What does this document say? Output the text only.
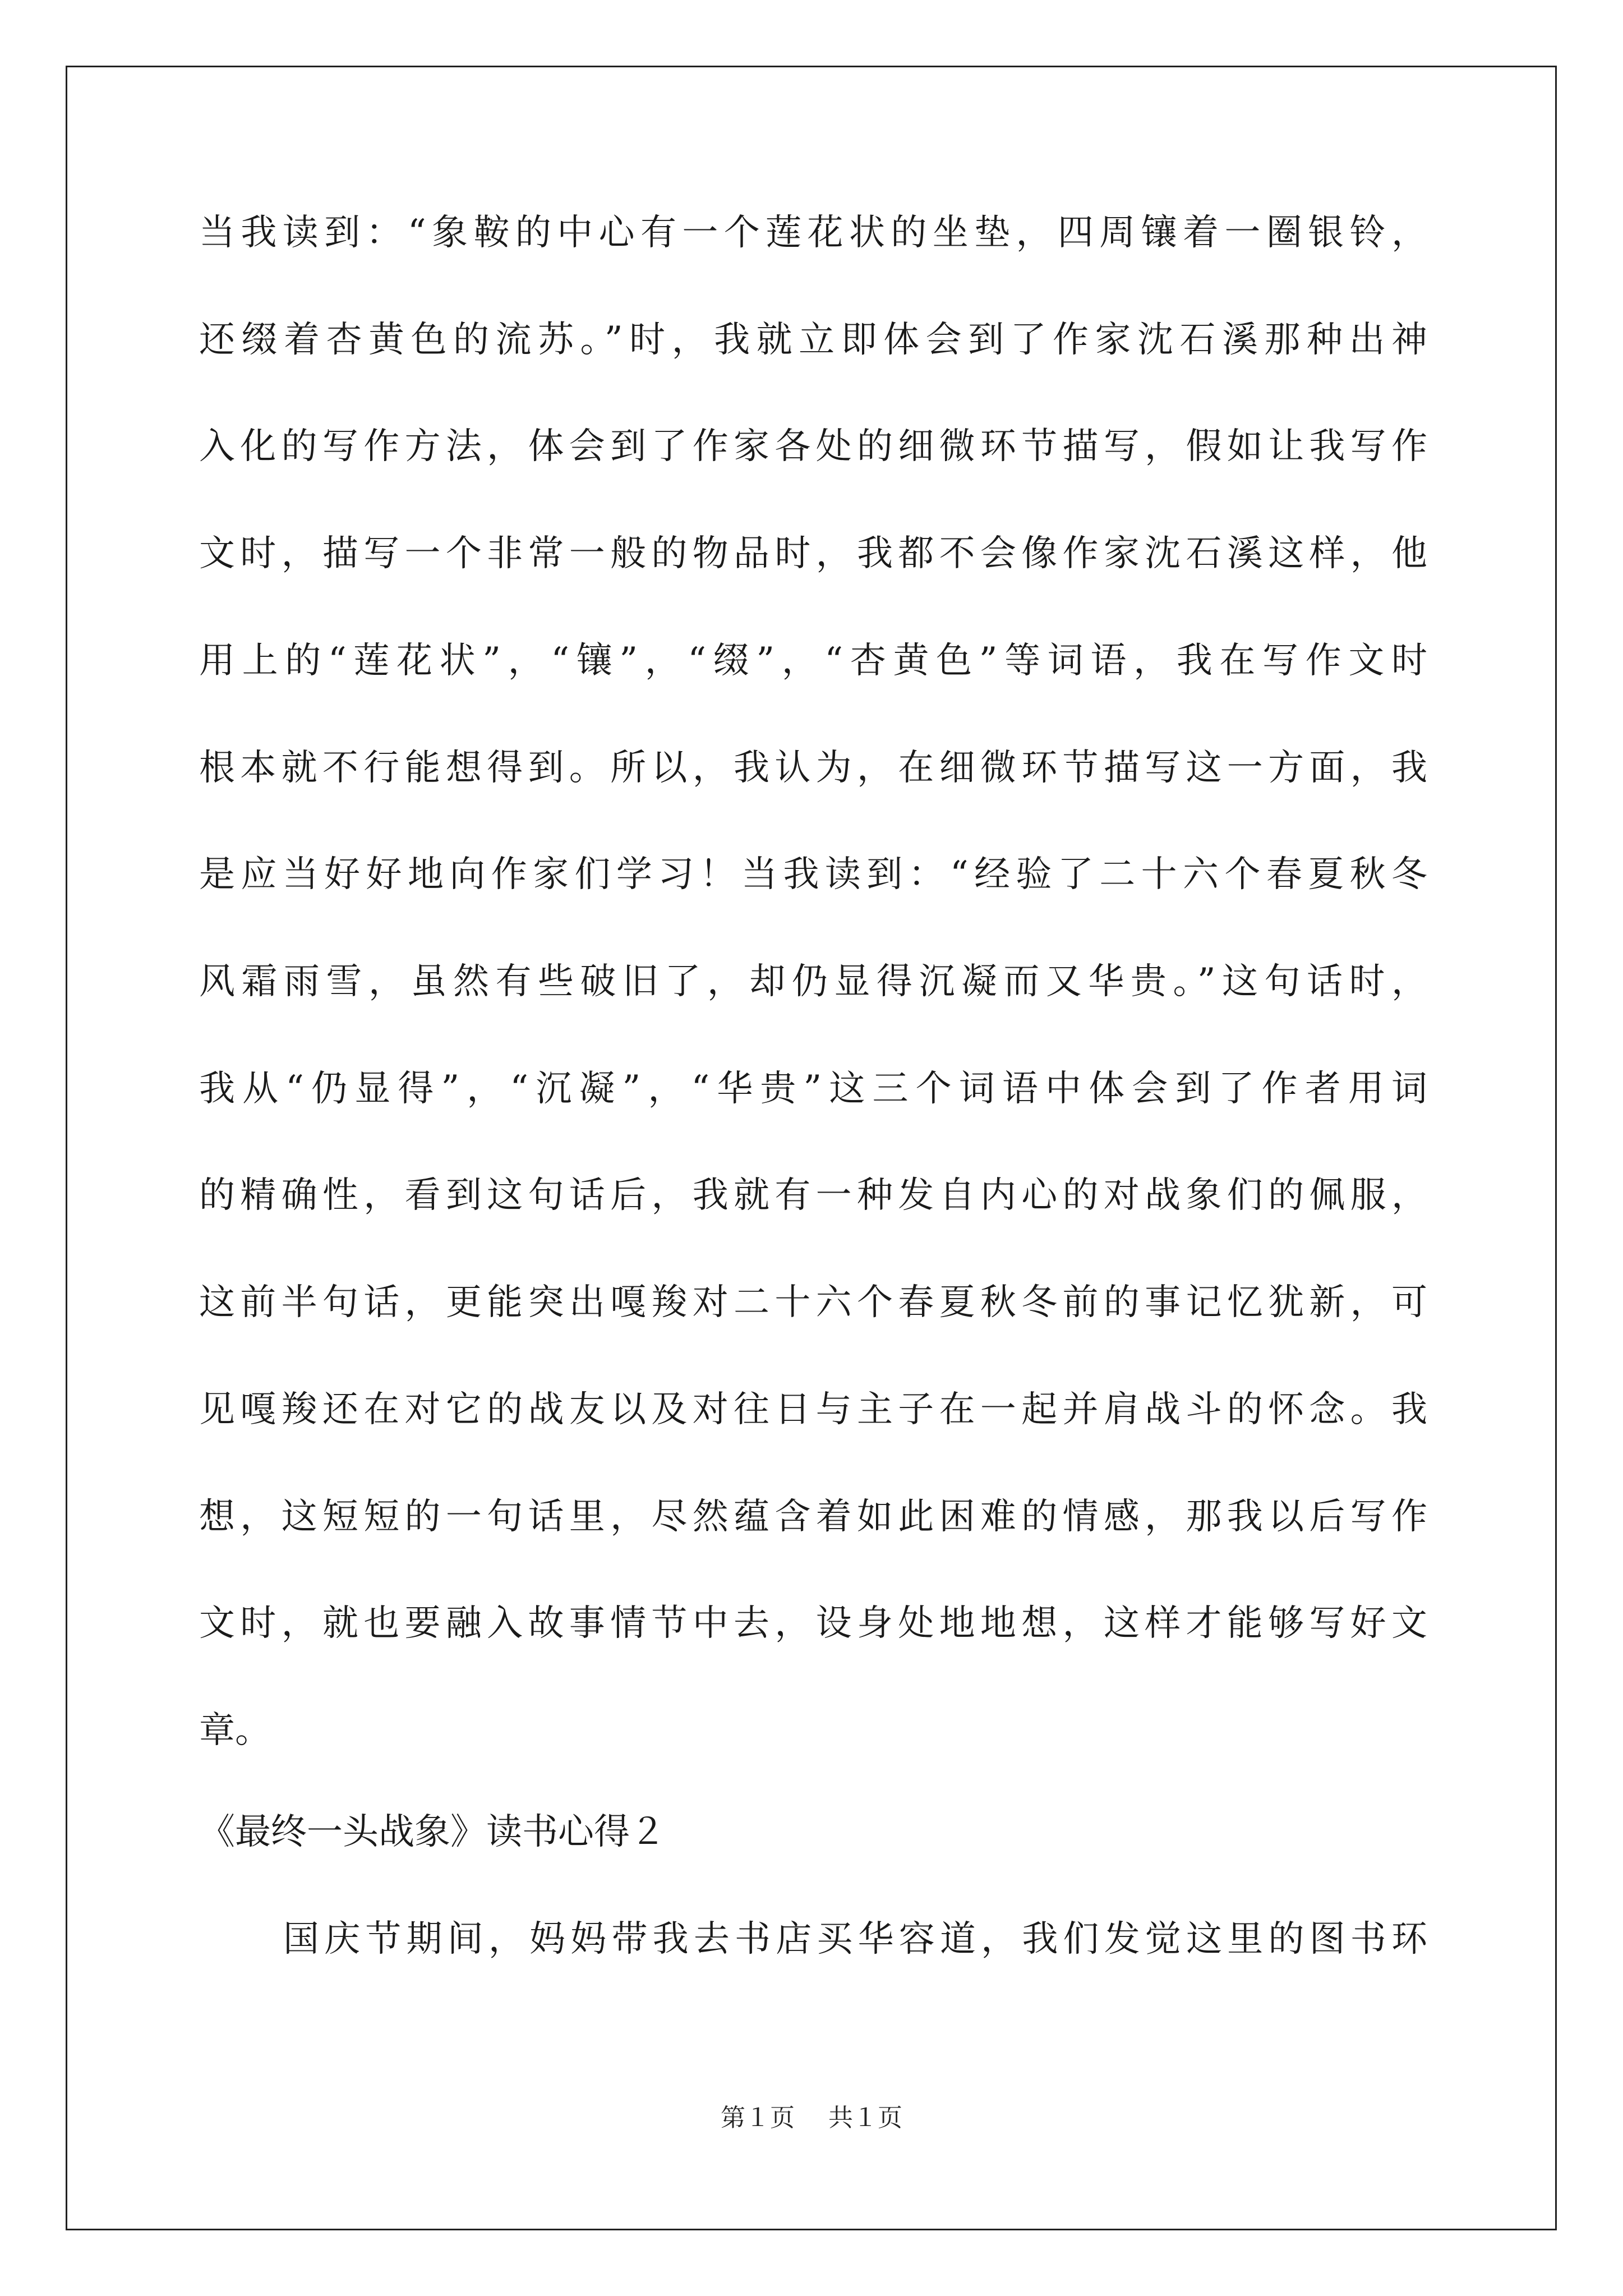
当我读到：“象鞍的中心有一个莲花状的坐垫，四周镶着一圈银铃，
还缀着杏黄色的流苏。”时，我就立即体会到了作家沈石溪那种出神
入化的写作方法，体会到了作家各处的细微环节描写，假如让我写作
文时，描写一个非常一般的物品时，我都不会像作家沈石溪这样，他
用上的“莲花状”，“镶”，“缀”，“杏黄色”等词语，我在写作文时
根本就不行能想得到。所以，我认为，在细微环节描写这一方面，我
是应当好好地向作家们学习！当我读到：“经验了二十六个春夏秋冬
风霜雨雪，虽然有些破旧了，却仍显得沉凝而又华贵。”这句话时，
我从“仍显得”，“沉凝”，“华贵”这三个词语中体会到了作者用词
的精确性，看到这句话后，我就有一种发自内心的对战象们的佩服，
这前半句话，更能突出嘎羧对二十六个春夏秋冬前的事记忆犹新，可
见嘎羧还在对它的战友以及对往日与主子在一起并肩战斗的怀念。我
想，这短短的一句话里，尽然蕴含着如此困难的情感，那我以后写作
文时，就也要融入故事情节中去，设身处地地想，这样才能够写好文
章。
《最终一头战象》读书心得２
国庆节期间，妈妈带我去书店买华容道，我们发觉这里的图书环
第１页 共１页
